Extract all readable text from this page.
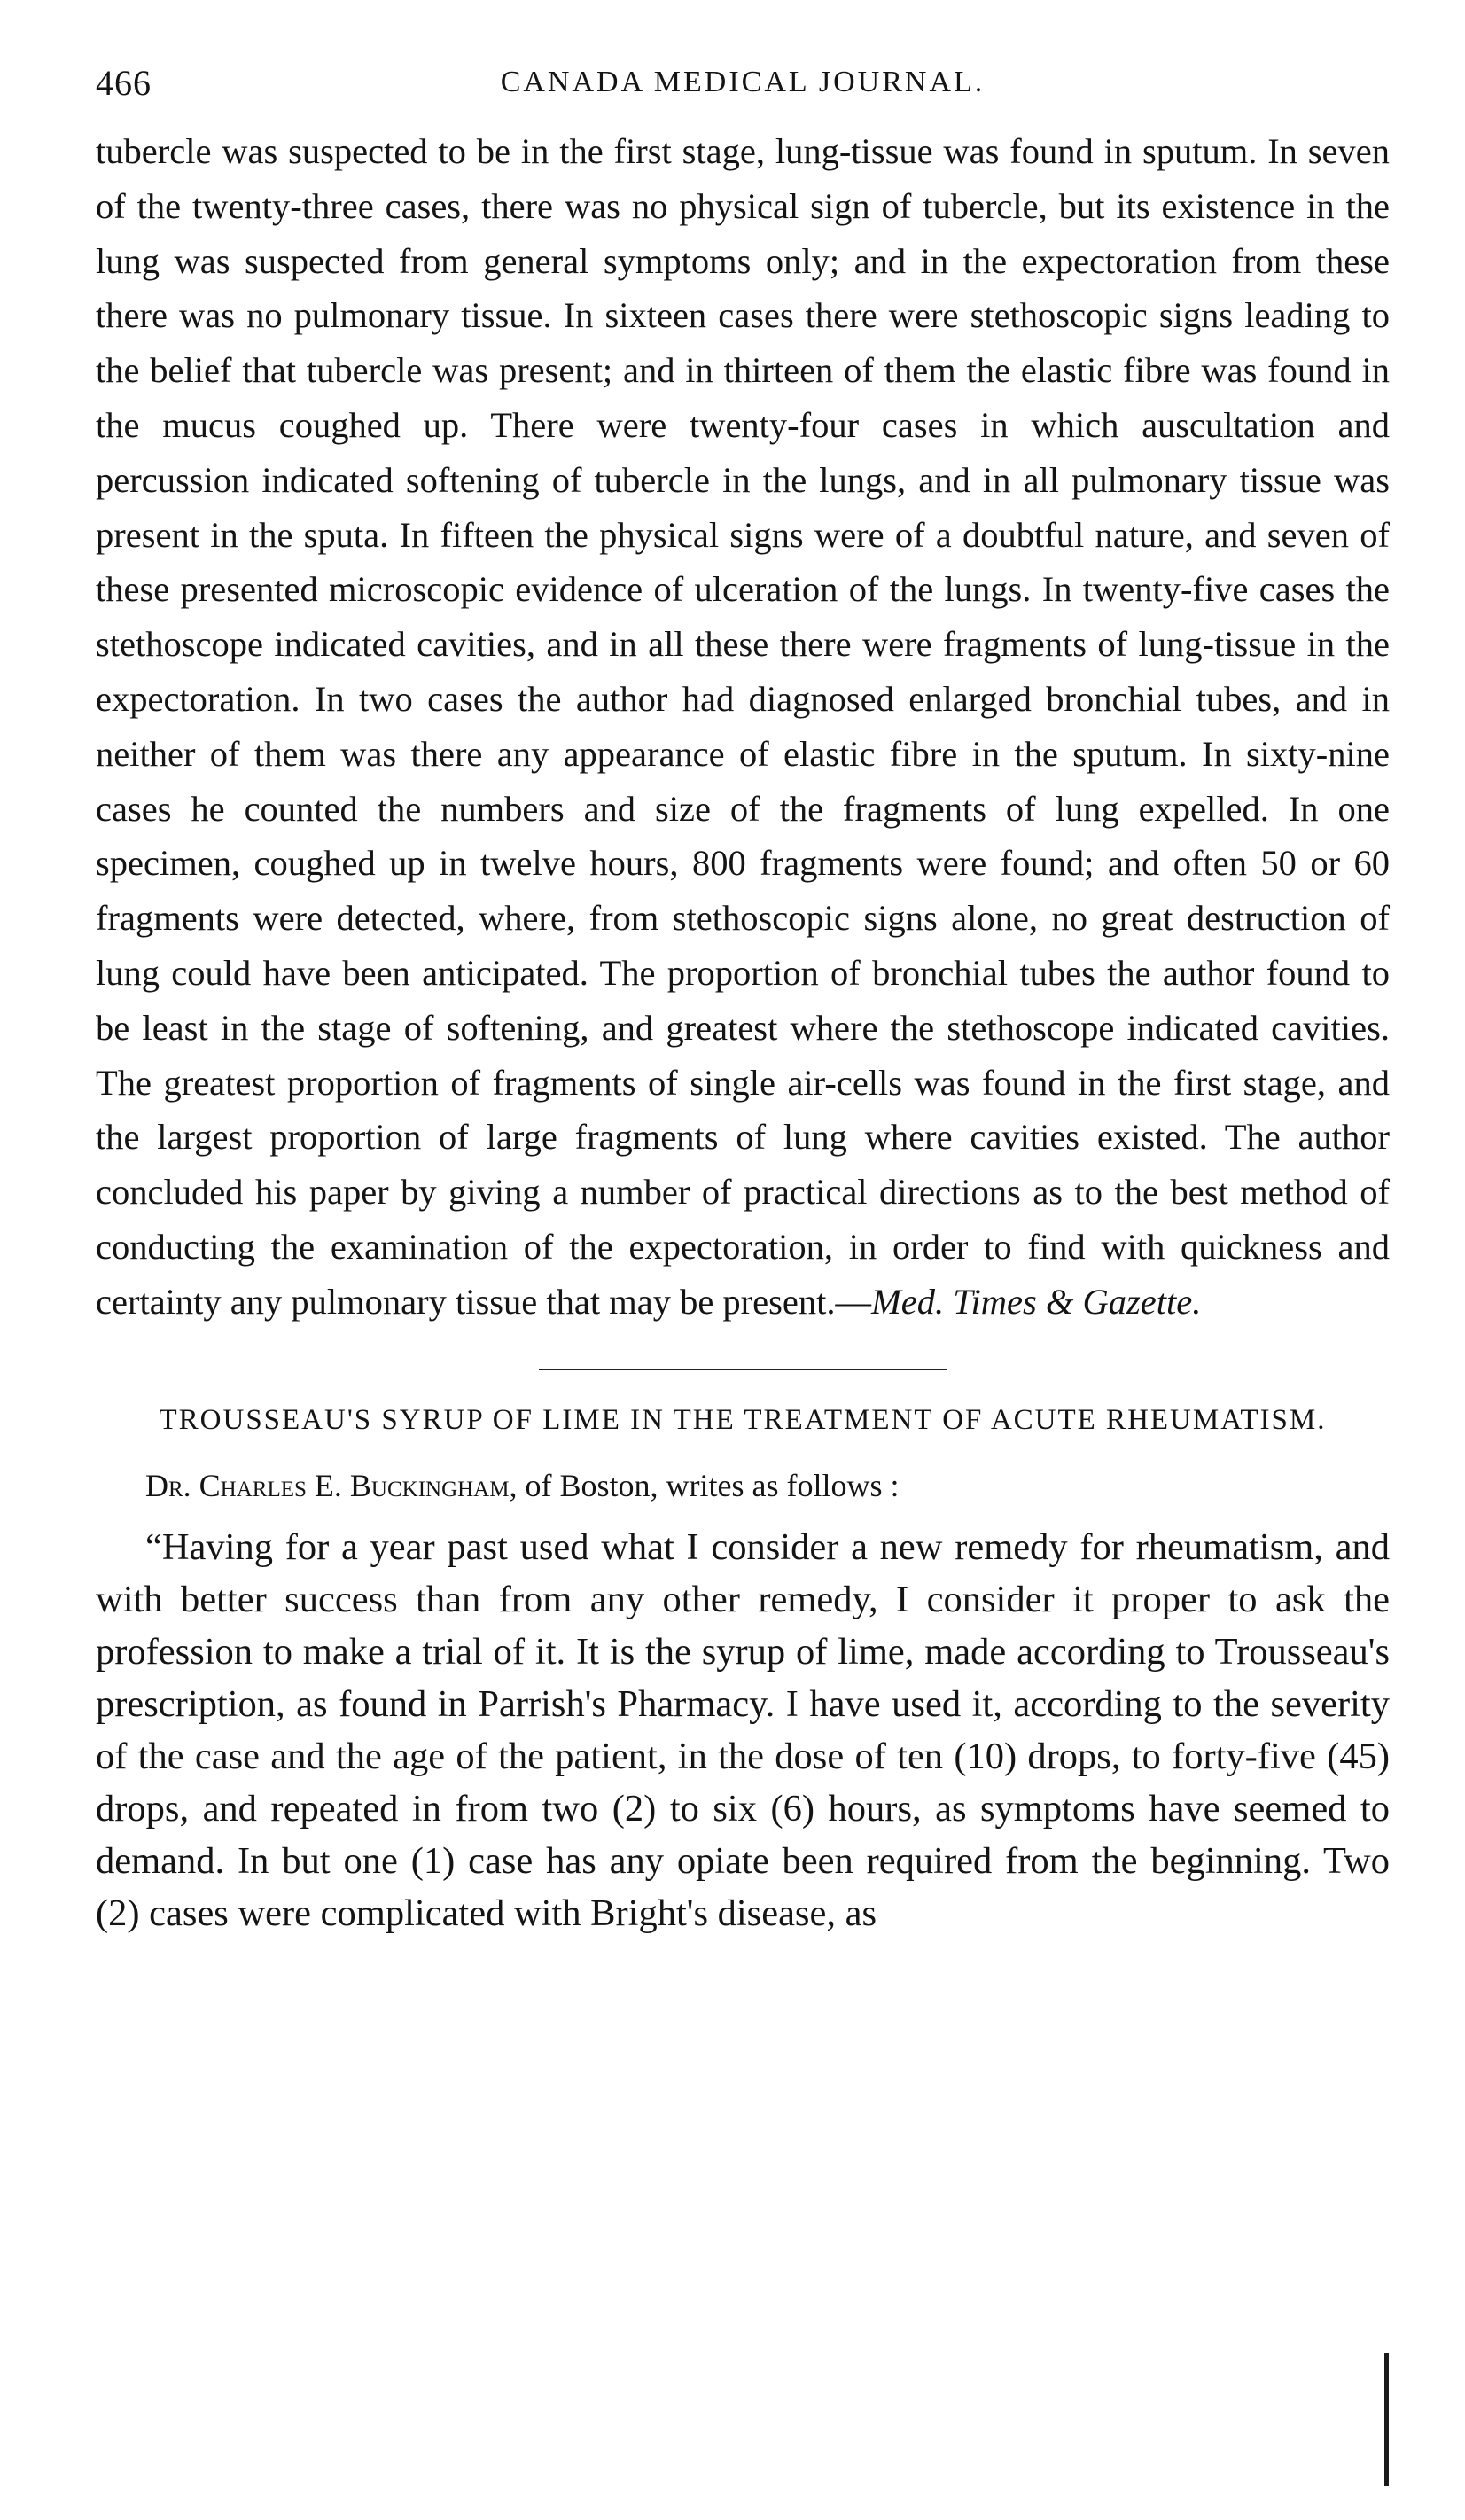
466	CANADA MEDICAL JOURNAL.

tubercle was suspected to be in the first stage, lung-tissue was found in sputum. In seven of the twenty-three cases, there was no physical sign of tubercle, but its existence in the lung was suspected from general symptoms only; and in the expectoration from these there was no pulmonary tissue. In sixteen cases there were stethoscopic signs leading to the belief that tubercle was present; and in thirteen of them the elastic fibre was found in the mucus coughed up. There were twenty-four cases in which auscultation and percussion indicated softening of tubercle in the lungs, and in all pulmonary tissue was present in the sputa. In fifteen the physical signs were of a doubtful nature, and seven of these presented microscopic evidence of ulceration of the lungs. In twenty-five cases the stethoscope indicated cavities, and in all these there were fragments of lung-tissue in the expectoration. In two cases the author had diagnosed enlarged bronchial tubes, and in neither of them was there any appearance of elastic fibre in the sputum. In sixty-nine cases he counted the numbers and size of the fragments of lung expelled. In one specimen, coughed up in twelve hours, 800 fragments were found; and often 50 or 60 fragments were detected, where, from stethoscopic signs alone, no great destruction of lung could have been anticipated. The proportion of bronchial tubes the author found to be least in the stage of softening, and greatest where the stethoscope indicated cavities. The greatest proportion of fragments of single air-cells was found in the first stage, and the largest proportion of large fragments of lung where cavities existed. The author concluded his paper by giving a number of practical directions as to the best method of conducting the examination of the expectoration, in order to find with quickness and certainty any pulmonary tissue that may be present.—Med. Times & Gazette.

TROUSSEAU'S SYRUP OF LIME IN THE TREATMENT OF ACUTE RHEUMATISM.
Dr. Charles E. Buckingham, of Boston, writes as follows :

“Having for a year past used what I consider a new remedy for rheumatism, and with better success than from any other remedy, I consider it proper to ask the profession to make a trial of it. It is the syrup of lime, made according to Trousseau's prescription, as found in Parrish's Pharmacy. I have used it, according to the severity of the case and the age of the patient, in the dose of ten (10) drops, to forty-five (45) drops, and repeated in from two (2) to six (6) hours, as symptoms have seemed to demand. In but one (1) case has any opiate been required from the beginning. Two (2) cases were complicated with Bright's disease, as
